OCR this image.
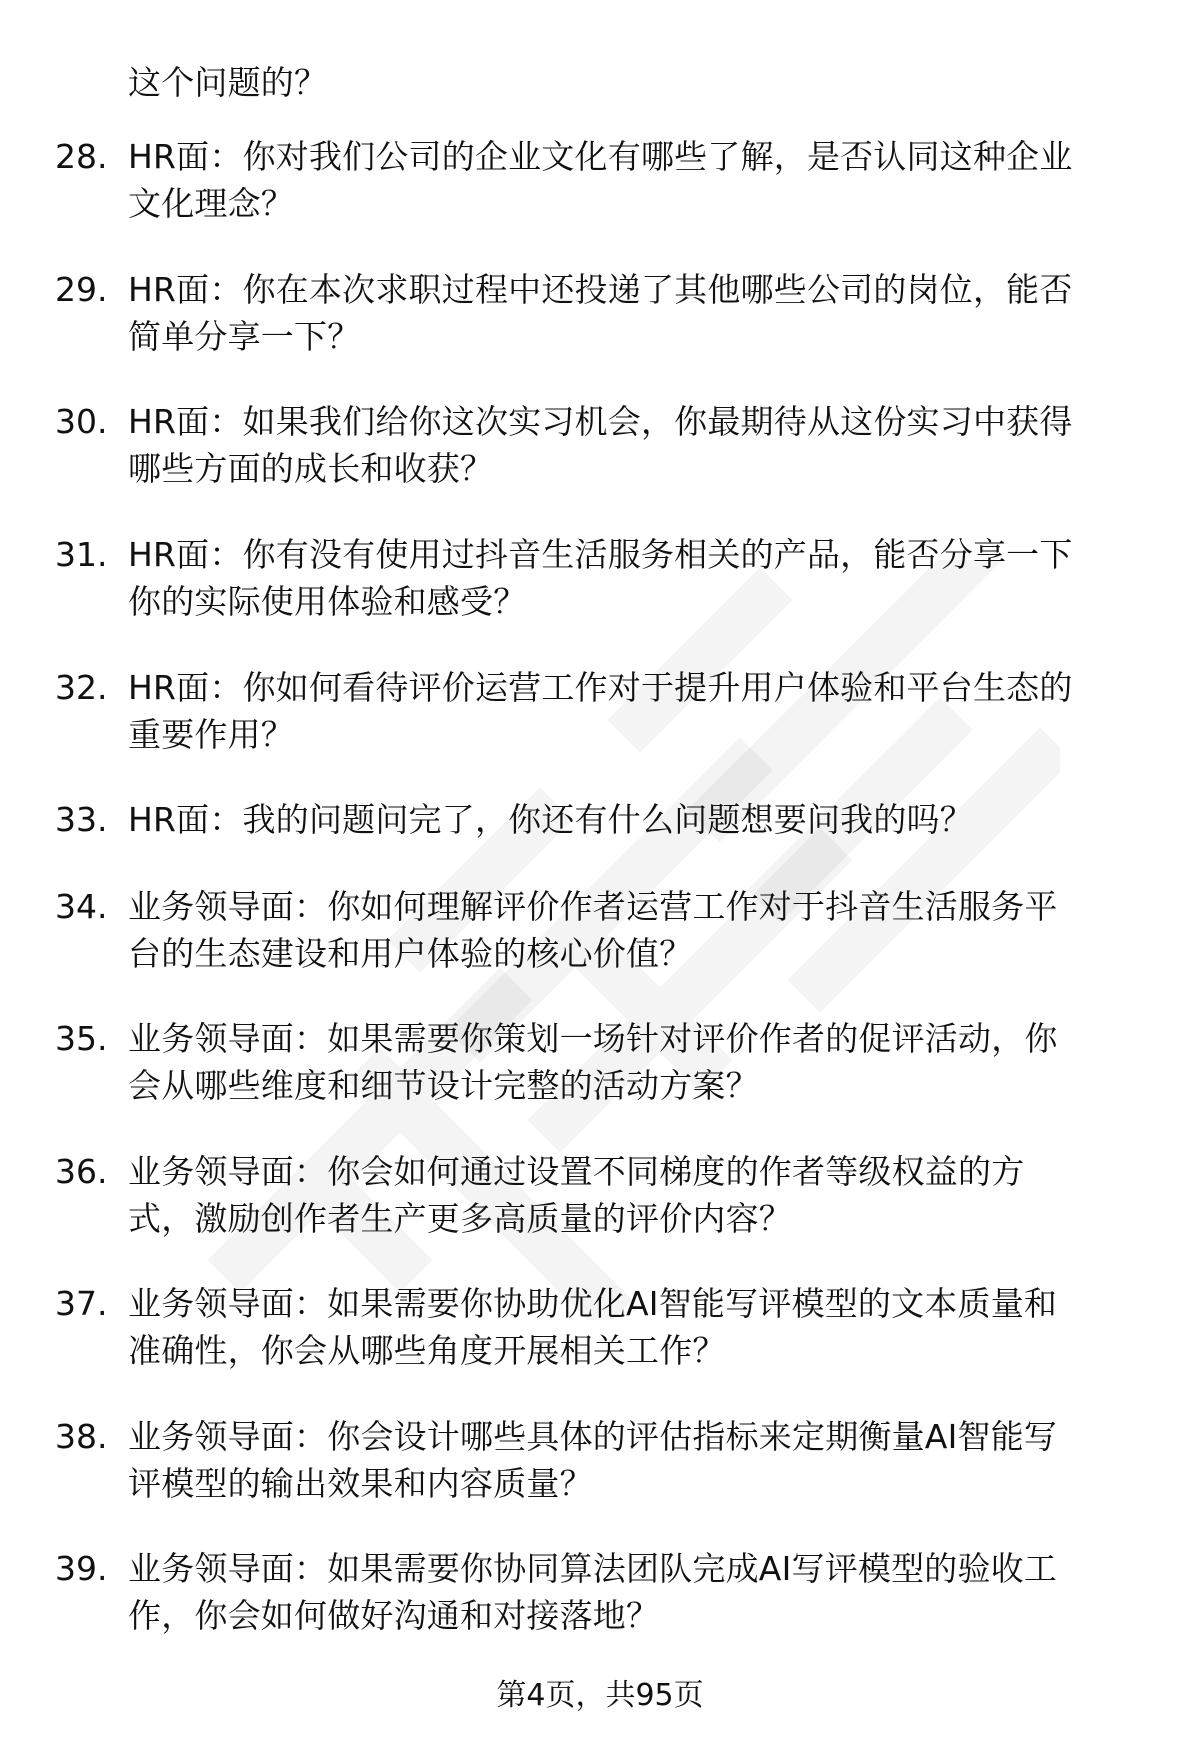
这个问题的？
28. HR面：你对我们公司的企业文化有哪些了解，是否认同这种企业
文化理念？
29. HR面：你在本次求职过程中还投递了其他哪些公司的岗位，能否
简单分享一下？
30. HR面：如果我们给你这次实习机会，你最期待从这份实习中获得
哪些方面的成长和收获？
31. HR面：你有没有使用过抖音生活服务相关的产品，能否分享一下
你的实际使用体验和感受？
32. HR面：你如何看待评价运营工作对于提升用户体验和平台生态的
重要作用？
33. HR面：我的问题问完了，你还有什么问题想要问我的吗？
34. 业务领导面：你如何理解评价作者运营工作对于抖音生活服务平
台的生态建设和用户体验的核心价值？
35. 业务领导面：如果需要你策划一场针对评价作者的促评活动，你
会从哪些维度和细节设计完整的活动方案？
36. 业务领导面：你会如何通过设置不同梯度的作者等级权益的方
式，激励创作者生产更多高质量的评价内容？
37. 业务领导面：如果需要你协助优化AI智能写评模型的文本质量和
准确性，你会从哪些角度开展相关工作？
38. 业务领导面：你会设计哪些具体的评估指标来定期衡量AI智能写
评模型的输出效果和内容质量？
39. 业务领导面：如果需要你协同算法团队完成AI写评模型的验收工
作，你会如何做好沟通和对接落地？
第4页，共95页
